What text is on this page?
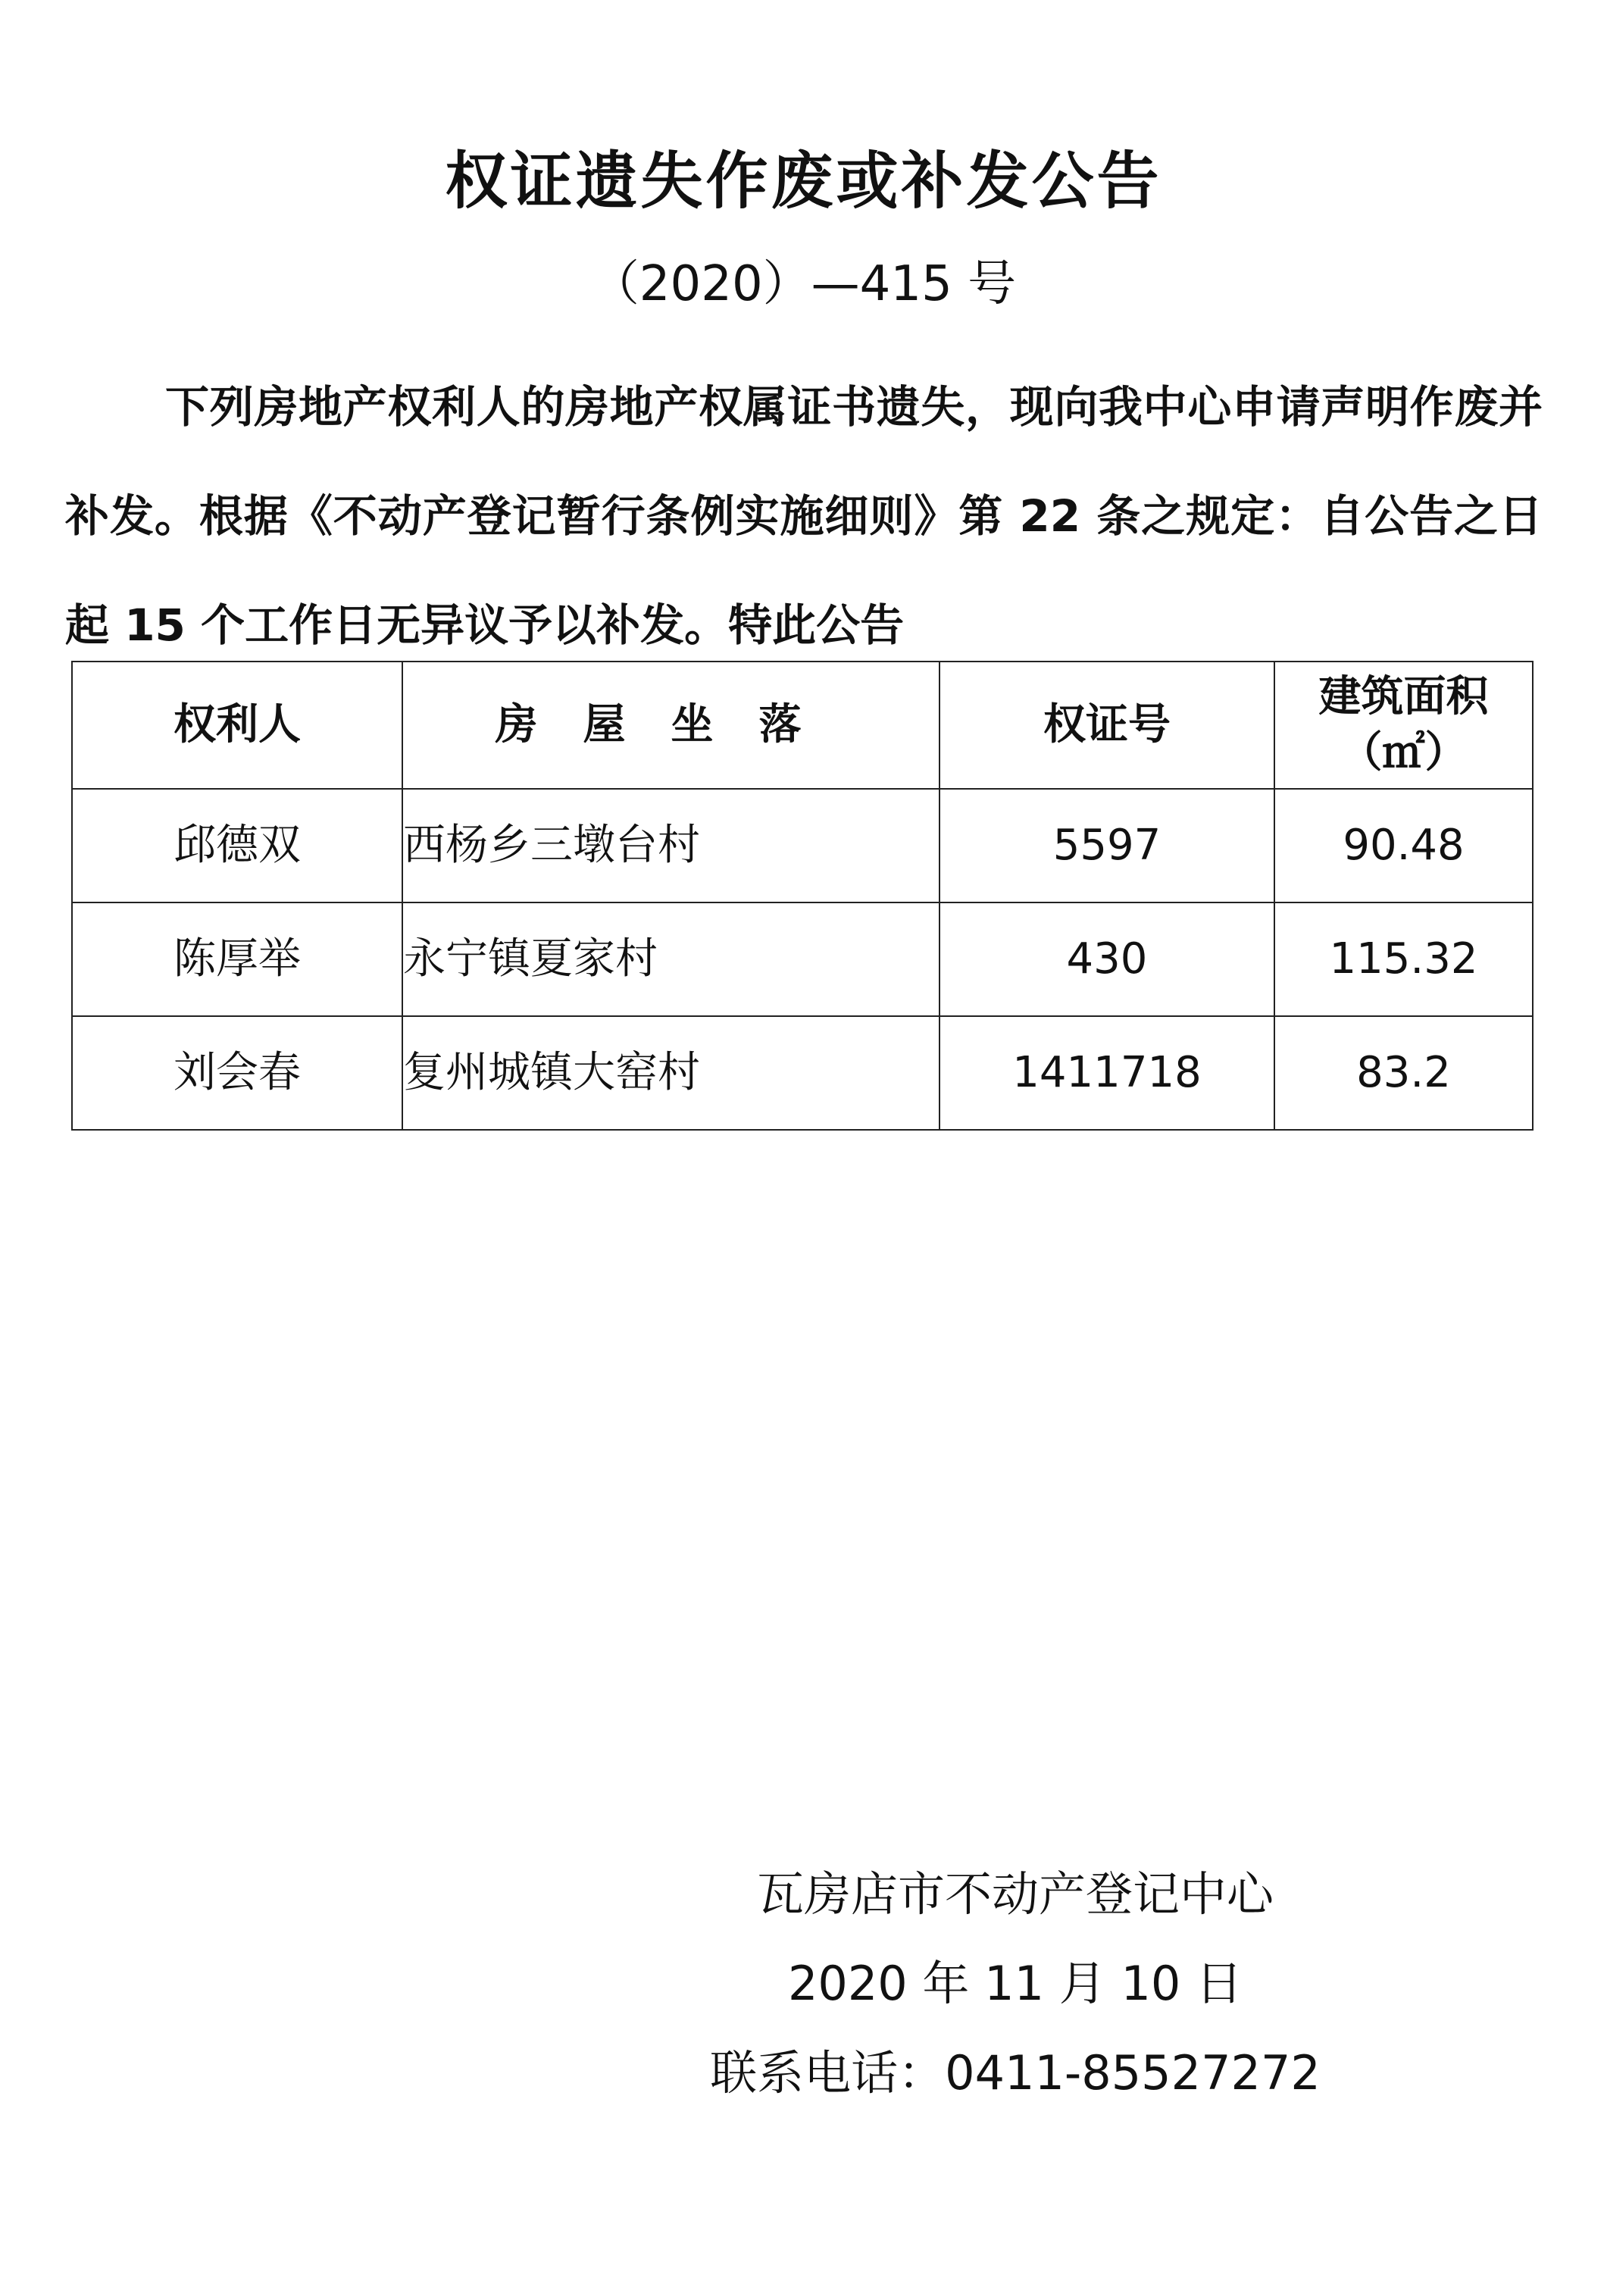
权证遗失作废或补发公告
（2020）—415 号

下列房地产权利人的房地产权属证书遗失，现向我中心申请声明作废并补发。根据《不动产登记暂行条例实施细则》第 22 条之规定：自公告之日起 15 个工作日无异议予以补发。特此公告

权利人	房屋坐落	权证号	建筑面积
（㎡）

邱德双	西杨乡三墩台村	5597	90.48
陈厚举	永宁镇夏家村	430	115.32
刘会春	复州城镇大窑村	1411718	83.2
瓦房店市不动产登记中心
2020 年 11 月 10 日
联系电话：0411-85527272
